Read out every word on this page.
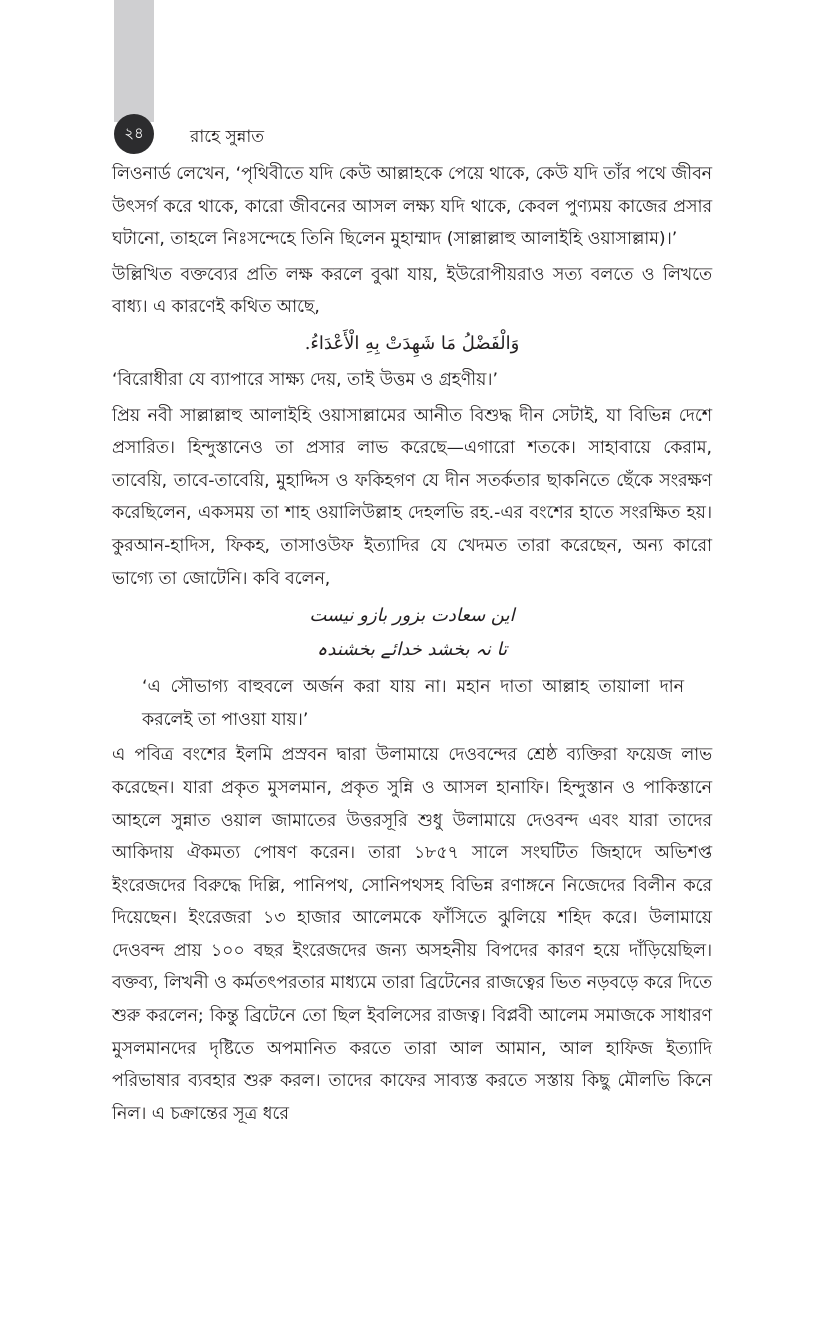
২৪	রাহে সুন্নাত

লিওনার্ড লেখেন, ‘পৃথিবীতে যদি কেউ আল্লাহকে পেয়ে থাকে, কেউ যদি তাঁর পথে জীবন উৎসর্গ করে থাকে, কারো জীবনের আসল লক্ষ্য যদি থাকে, কেবল পুণ্যময় কাজের প্রসার ঘটানো, তাহলে নিঃসন্দেহে তিনি ছিলেন মুহাম্মাদ (সাল্লাল্লাহু আলাইহি ওয়াসাল্লাম)।’

উল্লিখিত বক্তব্যের প্রতি লক্ষ করলে বুঝা যায়, ইউরোপীয়রাও সত্য বলতে ও লিখতে বাধ্য। এ কারণেই কথিত আছে,

وَالْفَضْلُ مَا شَهِدَتْ بِهِ الْأَعْدَاءُ.

‘বিরোধীরা যে ব্যাপারে সাক্ষ্য দেয়, তাই উত্তম ও গ্রহণীয়।’

প্রিয় নবী সাল্লাল্লাহু আলাইহি ওয়াসাল্লামের আনীত বিশুদ্ধ দীন সেটাই, যা বিভিন্ন দেশে প্রসারিত। হিন্দুস্তানেও তা প্রসার লাভ করেছে—এগারো শতকে। সাহাবায়ে কেরাম, তাবেয়ি, তাবে-তাবেয়ি, মুহাদ্দিস ও ফকিহগণ যে দীন সতর্কতার ছাকনিতে ছেঁকে সংরক্ষণ করেছিলেন, একসময় তা শাহ ওয়ালিউল্লাহ দেহলভি রহ.-এর বংশের হাতে সংরক্ষিত হয়। কুরআন-হাদিস, ফিকহ, তাসাওউফ ইত্যাদির যে খেদমত তারা করেছেন, অন্য কারো ভাগ্যে তা জোটেনি। কবি বলেন,

این سعادت بزور بازو نیست
تا نہ بخشد خدائے بخشندہ

‘এ সৌভাগ্য বাহুবলে অর্জন করা যায় না। মহান দাতা আল্লাহ তায়ালা দান করলেই তা পাওয়া যায়।’

এ পবিত্র বংশের ইলমি প্রস্রবন দ্বারা উলামায়ে দেওবন্দের শ্রেষ্ঠ ব্যক্তিরা ফয়েজ লাভ করেছেন। যারা প্রকৃত মুসলমান, প্রকৃত সুন্নি ও আসল হানাফি। হিন্দুস্তান ও পাকিস্তানে আহলে সুন্নাত ওয়াল জামাতের উত্তরসূরি শুধু উলামায়ে দেওবন্দ এবং যারা তাদের আকিদায় ঐকমত্য পোষণ করেন। তারা ১৮৫৭ সালে সংঘটিত জিহাদে অভিশপ্ত ইংরেজদের বিরুদ্ধে দিল্লি, পানিপথ, সোনিপথসহ বিভিন্ন রণাঙ্গনে নিজেদের বিলীন করে দিয়েছেন। ইংরেজরা ১৩ হাজার আলেমকে ফাঁসিতে ঝুলিয়ে শহিদ করে। উলামায়ে দেওবন্দ প্রায় ১০০ বছর ইংরেজদের জন্য অসহনীয় বিপদের কারণ হয়ে দাঁড়িয়েছিল। বক্তব্য, লিখনী ও কর্মতৎপরতার মাধ্যমে তারা ব্রিটেনের রাজত্বের ভিত নড়বড়ে করে দিতে শুরু করলেন; কিন্তু ব্রিটেনে তো ছিল ইবলিসের রাজত্ব। বিপ্লবী আলেম সমাজকে সাধারণ মুসলমানদের দৃষ্টিতে অপমানিত করতে তারা আল আমান, আল হাফিজ ইত্যাদি পরিভাষার ব্যবহার শুরু করল। তাদের কাফের সাব্যস্ত করতে সস্তায় কিছু মৌলভি কিনে নিল। এ চক্রান্তের সূত্র ধরে
